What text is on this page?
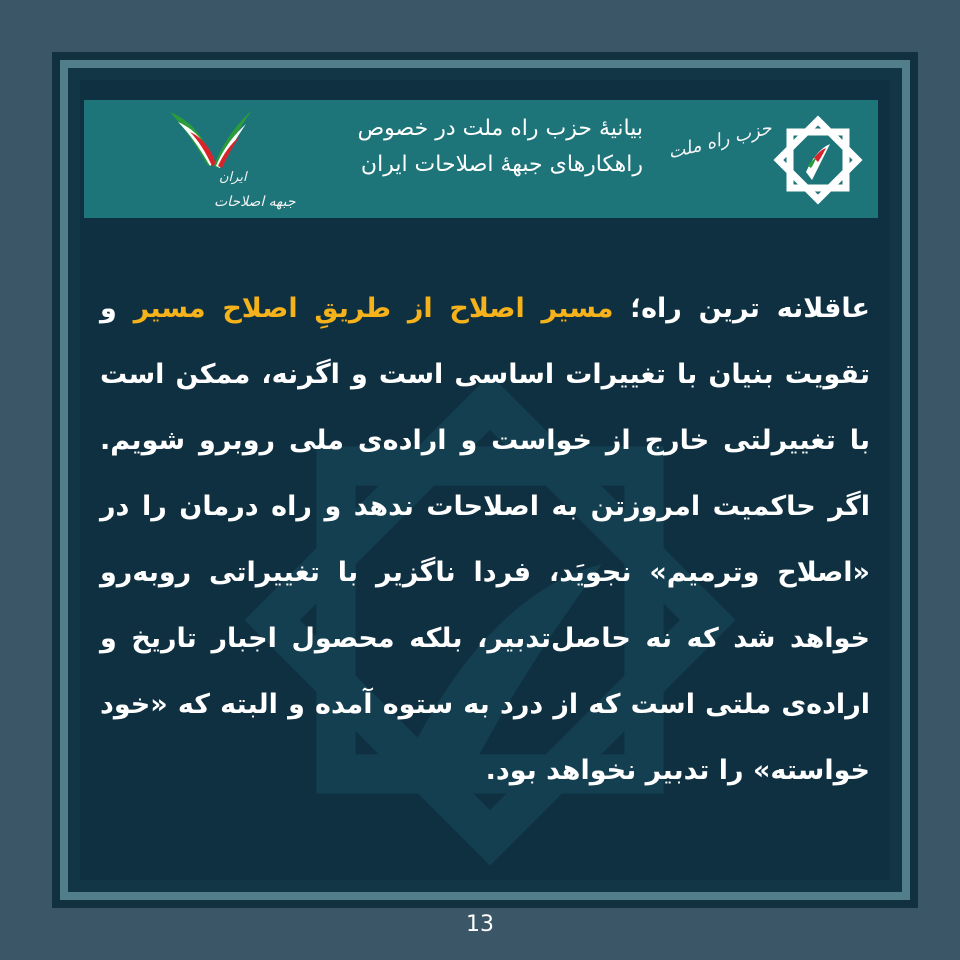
حزب راه ملت
بیانیۀ حزب راه ملت در خصوص
راهکارهای جبهۀ اصلاحات ایران
ایران
جبهه اصلاحات

عاقلانه ترین راه؛ مسیر اصلاح از طریقِ اصلاح مسیر و تقویت بنیان با تغییرات اساسی است و اگرنه، ممکن است با تغییرلتی خارج از خواست و اراده‌ی ملی روبرو شویم. اگر حاکمیت امروزتن به اصلاحات ندهد و راه درمان را در «اصلاح وترمیم» نجویَد، فردا ناگزیر با تغییراتی روبه‌رو خواهد شد که نه حاصل‌تدبیر، بلکه محصول اجبار تاریخ و اراده‌ی ملتی است که از درد به ستوه آمده و البته که «خود خواسته» را تدبیر نخواهد بود.

13
